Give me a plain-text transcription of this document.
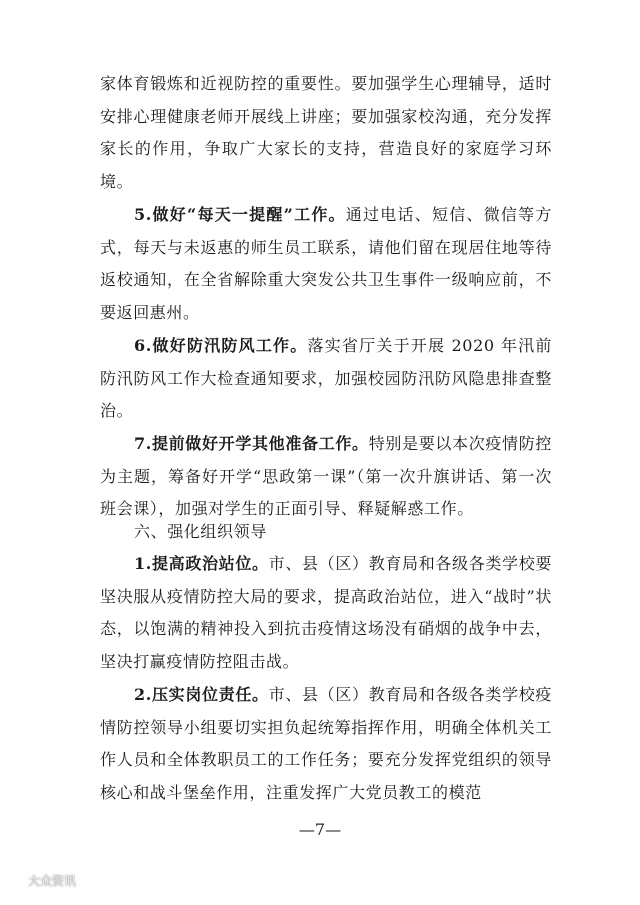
家体育锻炼和近视防控的重要性。要加强学生心理辅导，适时安排心理健康老师开展线上讲座；要加强家校沟通，充分发挥家长的作用，争取广大家长的支持，营造良好的家庭学习环境。

5.做好“每天一提醒”工作。通过电话、短信、微信等方式，每天与未返惠的师生员工联系，请他们留在现居住地等待返校通知，在全省解除重大突发公共卫生事件一级响应前，不要返回惠州。

6.做好防汛防风工作。落实省厅关于开展 2020 年汛前防汛防风工作大检查通知要求，加强校园防汛防风隐患排查整治。

7.提前做好开学其他准备工作。特别是要以本次疫情防控为主题，筹备好开学“思政第一课”（第一次升旗讲话、第一次班会课），加强对学生的正面引导、释疑解惑工作。

六、强化组织领导

1.提高政治站位。市、县（区）教育局和各级各类学校要坚决服从疫情防控大局的要求，提高政治站位，进入“战时”状态，以饱满的精神投入到抗击疫情这场没有硝烟的战争中去，坚决打赢疫情防控阻击战。

2.压实岗位责任。市、县（区）教育局和各级各类学校疫情防控领导小组要切实担负起统筹指挥作用，明确全体机关工作人员和全体教职员工的工作任务；要充分发挥党组织的领导核心和战斗堡垒作用，注重发挥广大党员教工的模范

—7—
大众资讯
